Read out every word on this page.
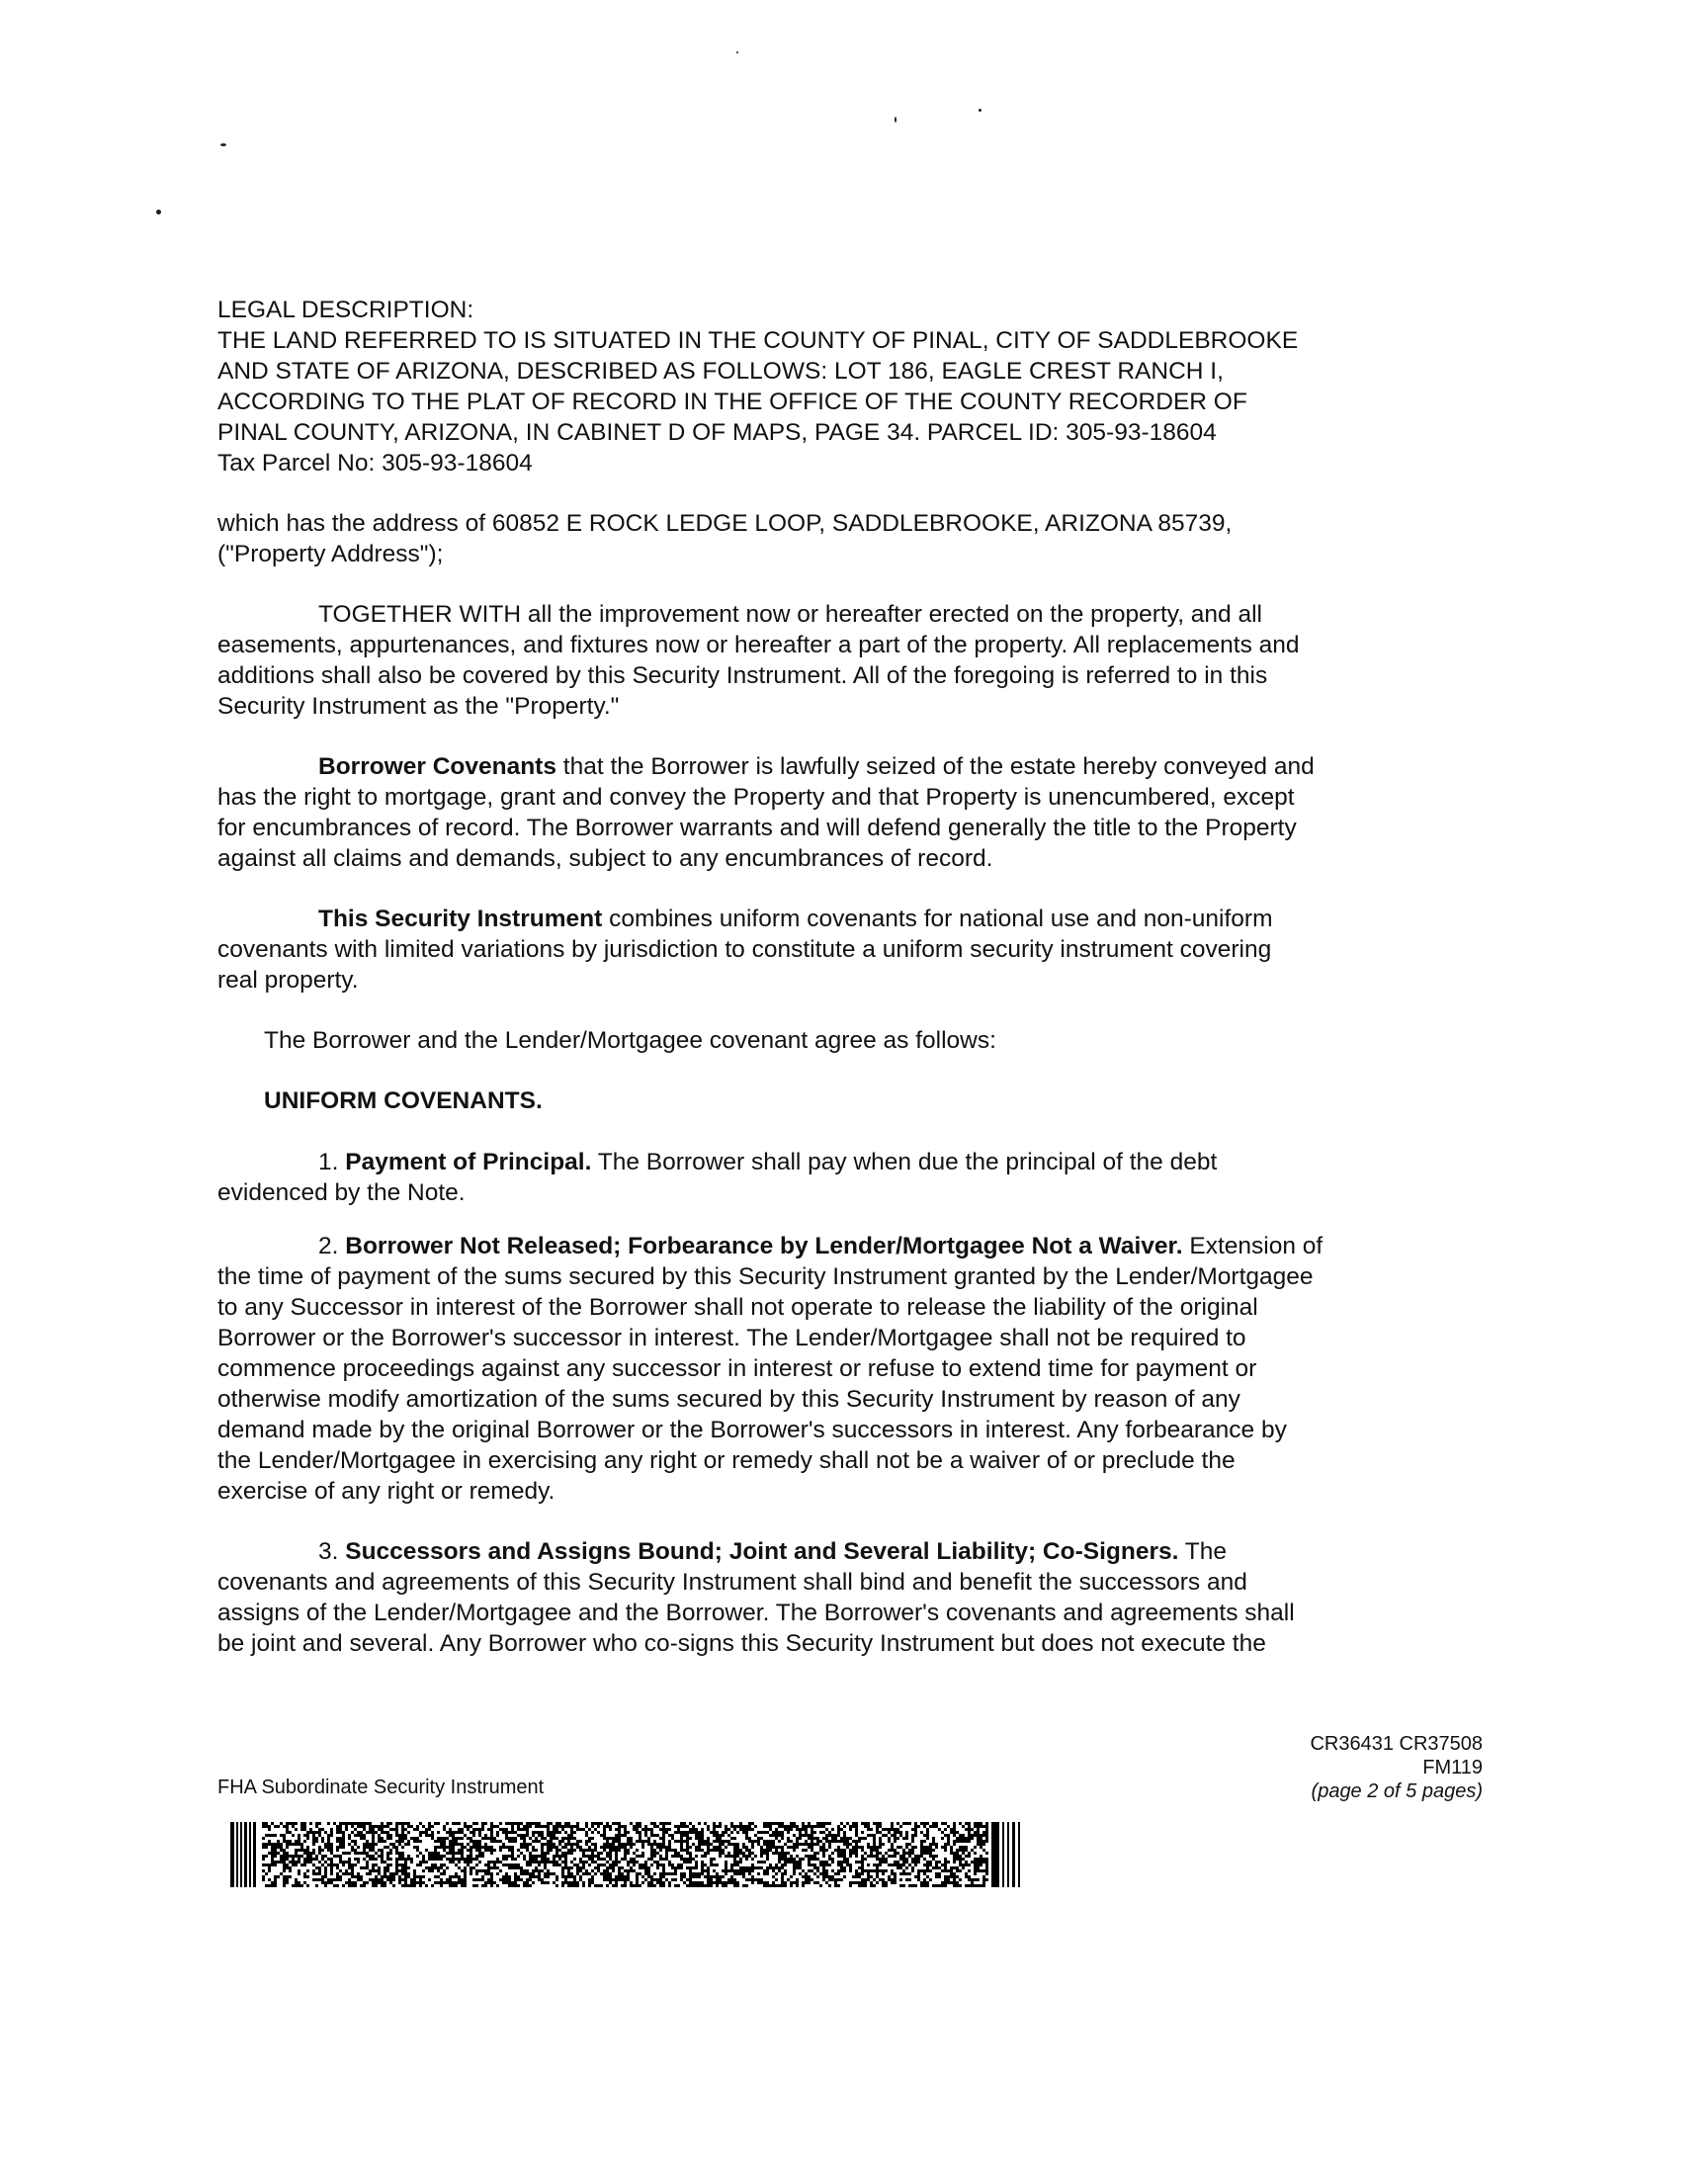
LEGAL DESCRIPTION:

THE LAND REFERRED TO IS SITUATED IN THE COUNTY OF PINAL, CITY OF SADDLEBROOKE
AND STATE OF ARIZONA, DESCRIBED AS FOLLOWS: LOT 186, EAGLE CREST RANCH I,
ACCORDING TO THE PLAT OF RECORD IN THE OFFICE OF THE COUNTY RECORDER OF
PINAL COUNTY, ARIZONA, IN CABINET D OF MAPS, PAGE 34. PARCEL ID: 305-93-18604

Tax Parcel No: 305-93-18604

which has the address of 60852 E ROCK LEDGE LOOP, SADDLEBROOKE, ARIZONA 85739,
("Property Address");

TOGETHER WITH all the improvement now or hereafter erected on the property, and all
easements, appurtenances, and fixtures now or hereafter a part of the property. All replacements and
additions shall also be covered by this Security Instrument. All of the foregoing is referred to in this
Security Instrument as the "Property."

Borrower Covenants that the Borrower is lawfully seized of the estate hereby conveyed and
has the right to mortgage, grant and convey the Property and that Property is unencumbered, except
for encumbrances of record. The Borrower warrants and will defend generally the title to the Property
against all claims and demands, subject to any encumbrances of record.

This Security Instrument combines uniform covenants for national use and non-uniform
covenants with limited variations by jurisdiction to constitute a uniform security instrument covering
real property.

The Borrower and the Lender/Mortgagee covenant agree as follows:

UNIFORM COVENANTS.

1. Payment of Principal. The Borrower shall pay when due the principal of the debt
evidenced by the Note.

2. Borrower Not Released; Forbearance by Lender/Mortgagee Not a Waiver. Extension of
the time of payment of the sums secured by this Security Instrument granted by the Lender/Mortgagee
to any Successor in interest of the Borrower shall not operate to release the liability of the original
Borrower or the Borrower's successor in interest. The Lender/Mortgagee shall not be required to
commence proceedings against any successor in interest or refuse to extend time for payment or
otherwise modify amortization of the sums secured by this Security Instrument by reason of any
demand made by the original Borrower or the Borrower's successors in interest. Any forbearance by
the Lender/Mortgagee in exercising any right or remedy shall not be a waiver of or preclude the
exercise of any right or remedy.

3. Successors and Assigns Bound; Joint and Several Liability; Co-Signers. The
covenants and agreements of this Security Instrument shall bind and benefit the successors and
assigns of the Lender/Mortgagee and the Borrower. The Borrower's covenants and agreements shall
be joint and several. Any Borrower who co-signs this Security Instrument but does not execute the

FHA Subordinate Security Instrument
CR36431 CR37508
FM119
(page 2 of 5 pages)
